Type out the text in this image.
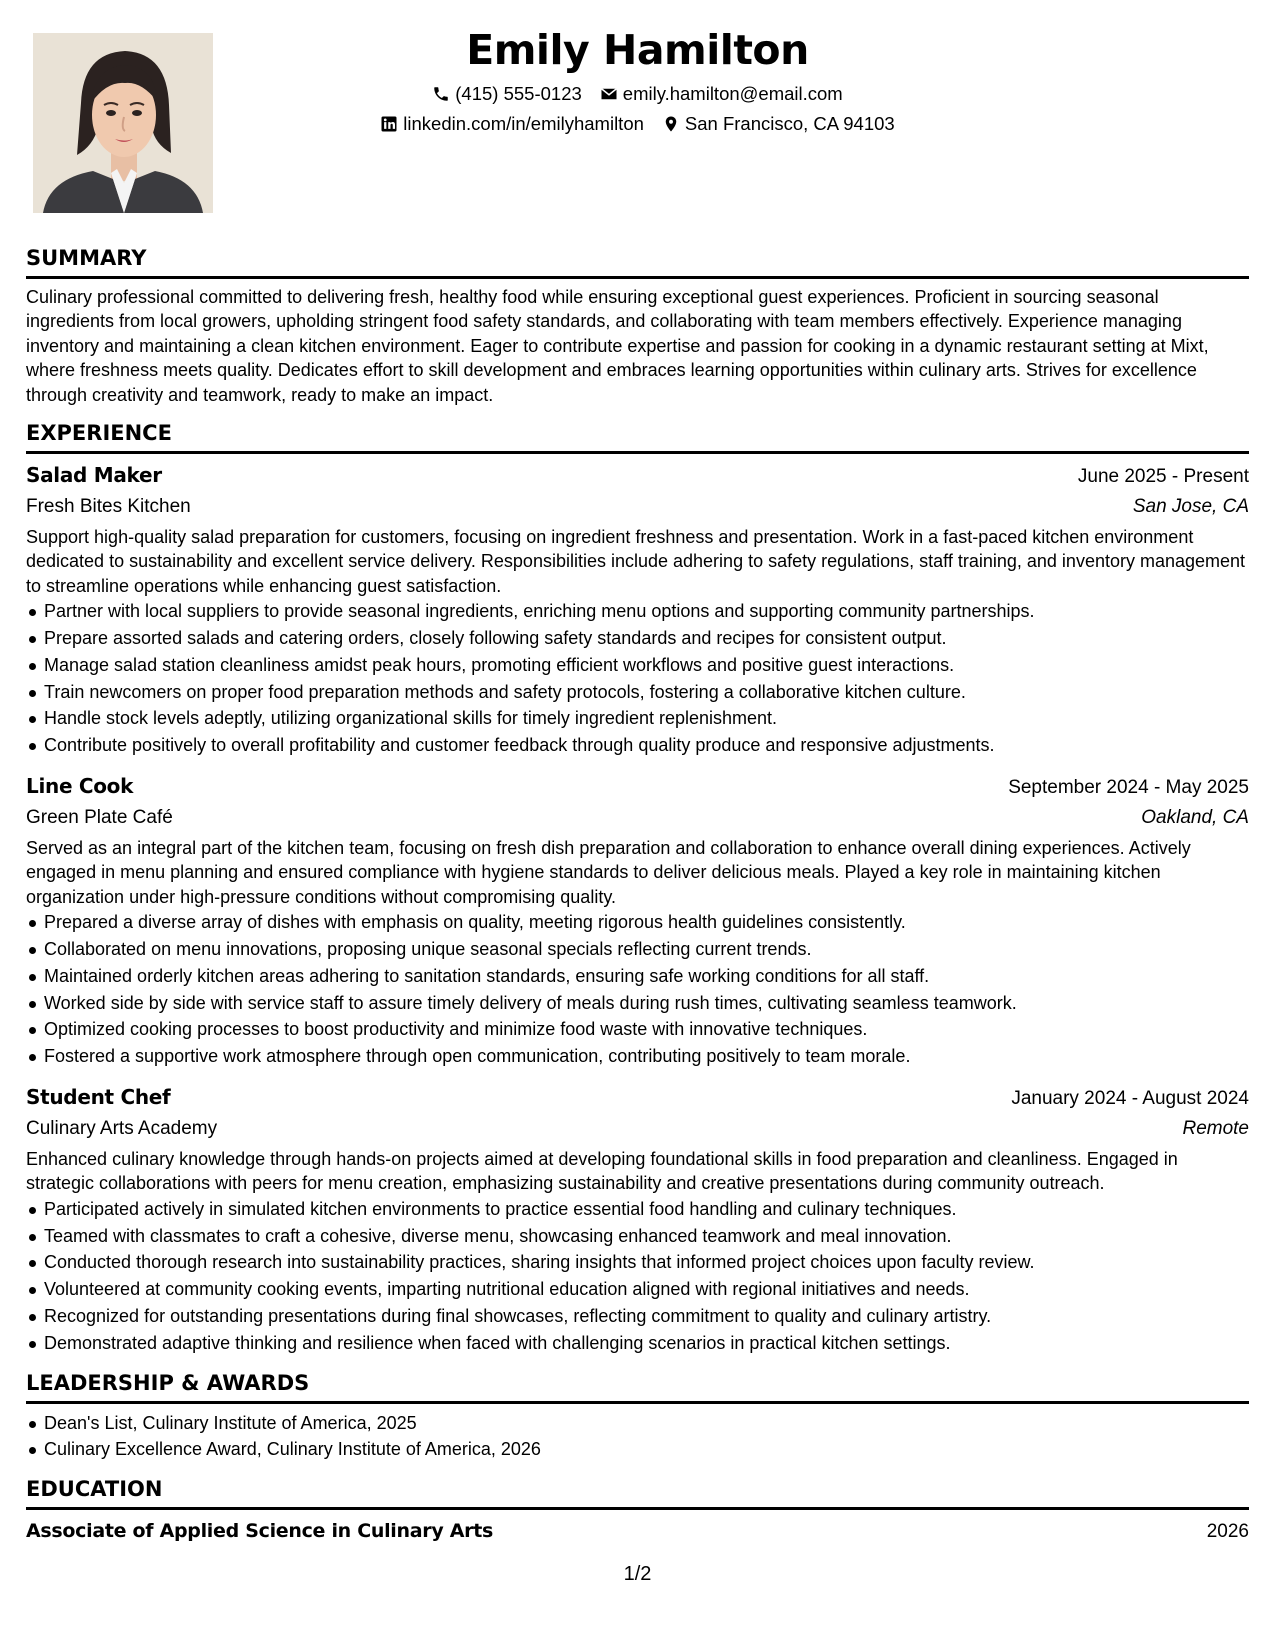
Emily Hamilton
(415) 555-0123 emily.hamilton@email.com
linkedin.com/in/emilyhamilton San Francisco, CA 94103
SUMMARY
Culinary professional committed to delivering fresh, healthy food while ensuring exceptional guest experiences. Proficient in sourcing seasonal ingredients from local growers, upholding stringent food safety standards, and collaborating with team members effectively. Experience managing inventory and maintaining a clean kitchen environment. Eager to contribute expertise and passion for cooking in a dynamic restaurant setting at Mixt, where freshness meets quality. Dedicates effort to skill development and embraces learning opportunities within culinary arts. Strives for excellence through creativity and teamwork, ready to make an impact.
EXPERIENCE
Salad Maker	June 2025 - Present
Fresh Bites Kitchen	San Jose, CA
Support high-quality salad preparation for customers, focusing on ingredient freshness and presentation. Work in a fast-paced kitchen environment dedicated to sustainability and excellent service delivery. Responsibilities include adhering to safety regulations, staff training, and inventory management to streamline operations while enhancing guest satisfaction.
Partner with local suppliers to provide seasonal ingredients, enriching menu options and supporting community partnerships.
Prepare assorted salads and catering orders, closely following safety standards and recipes for consistent output.
Manage salad station cleanliness amidst peak hours, promoting efficient workflows and positive guest interactions.
Train newcomers on proper food preparation methods and safety protocols, fostering a collaborative kitchen culture.
Handle stock levels adeptly, utilizing organizational skills for timely ingredient replenishment.
Contribute positively to overall profitability and customer feedback through quality produce and responsive adjustments.
Line Cook	September 2024 - May 2025
Green Plate Café	Oakland, CA
Served as an integral part of the kitchen team, focusing on fresh dish preparation and collaboration to enhance overall dining experiences. Actively engaged in menu planning and ensured compliance with hygiene standards to deliver delicious meals. Played a key role in maintaining kitchen organization under high-pressure conditions without compromising quality.
Prepared a diverse array of dishes with emphasis on quality, meeting rigorous health guidelines consistently.
Collaborated on menu innovations, proposing unique seasonal specials reflecting current trends.
Maintained orderly kitchen areas adhering to sanitation standards, ensuring safe working conditions for all staff.
Worked side by side with service staff to assure timely delivery of meals during rush times, cultivating seamless teamwork.
Optimized cooking processes to boost productivity and minimize food waste with innovative techniques.
Fostered a supportive work atmosphere through open communication, contributing positively to team morale.
Student Chef	January 2024 - August 2024
Culinary Arts Academy	Remote
Enhanced culinary knowledge through hands-on projects aimed at developing foundational skills in food preparation and cleanliness. Engaged in strategic collaborations with peers for menu creation, emphasizing sustainability and creative presentations during community outreach.
Participated actively in simulated kitchen environments to practice essential food handling and culinary techniques.
Teamed with classmates to craft a cohesive, diverse menu, showcasing enhanced teamwork and meal innovation.
Conducted thorough research into sustainability practices, sharing insights that informed project choices upon faculty review.
Volunteered at community cooking events, imparting nutritional education aligned with regional initiatives and needs.
Recognized for outstanding presentations during final showcases, reflecting commitment to quality and culinary artistry.
Demonstrated adaptive thinking and resilience when faced with challenging scenarios in practical kitchen settings.
LEADERSHIP & AWARDS
Dean's List, Culinary Institute of America, 2025
Culinary Excellence Award, Culinary Institute of America, 2026
EDUCATION
Associate of Applied Science in Culinary Arts	2026
1/2
